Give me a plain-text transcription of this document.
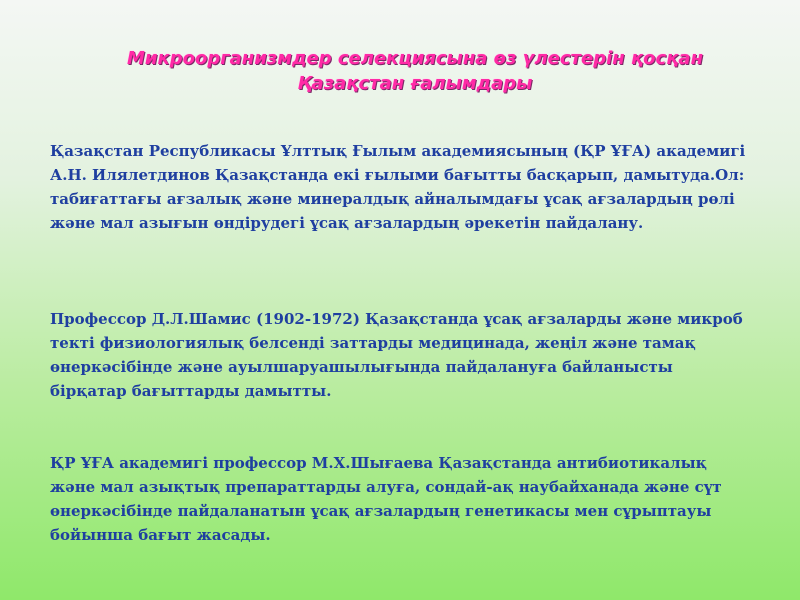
Микроорганизмдер селекциясына өз үлестерін қосқан
Қазақстан ғалымдары

Қазақстан Республикасы Ұлттық Ғылым академиясының (ҚР ҰҒА) академигі А.Н. Илялетдинов Қазақстанда екі ғылыми бағытты басқарып, дамытуда.Ол: табиғаттағы ағзалық және минералдық айналымдағы ұсақ ағзалардың рөлі және мал азығын өндірудегі ұсақ ағзалардың әрекетін пайдалану.

Профессор Д.Л.Шамис (1902-1972) Қазақстанда ұсақ ағзаларды және микроб текті физиологиялық белсенді заттарды медицинада, жеңіл және тамақ өнеркәсібінде және ауылшаруашылығында пайдалануға байланысты бірқатар бағыттарды дамытты.

ҚР ҰҒА академигі профессор М.Х.Шығаева Қазақстанда антибиотикалық және мал азықтық препараттарды алуға, сондай-ақ наубайханада және сүт өнеркәсібінде пайдаланатын ұсақ ағзалардың генетикасы мен сұрыптауы бойынша бағыт жасады.
